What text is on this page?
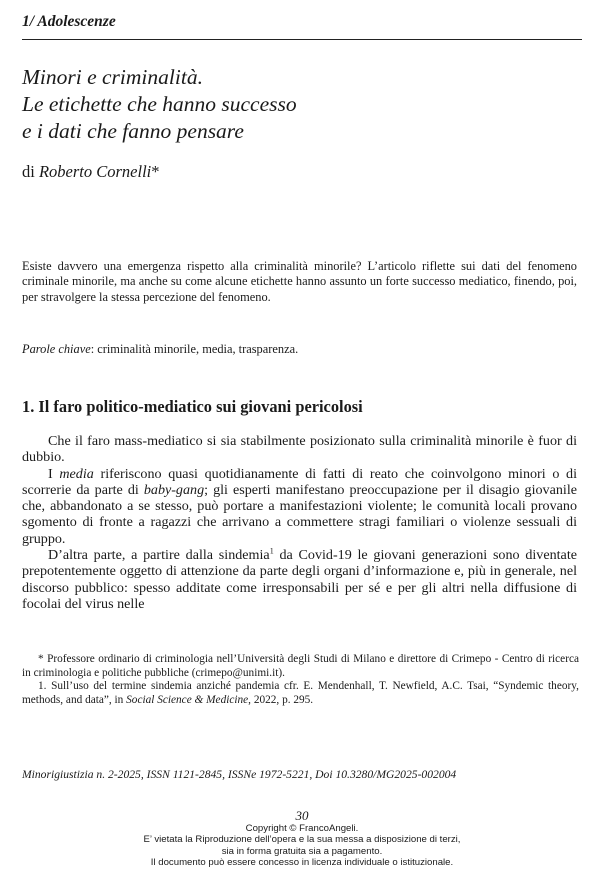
1/ Adolescenze
Minori e criminalità.
Le etichette che hanno successo
e i dati che fanno pensare
di Roberto Cornelli*
Esiste davvero una emergenza rispetto alla criminalità minorile? L’articolo riflette sui dati del fenomeno criminale minorile, ma anche su come alcune etichette hanno assunto un forte successo mediatico, finendo, poi, per stravolgere la stessa percezione del fenomeno.
Parole chiave: criminalità minorile, media, trasparenza.
1. Il faro politico-mediatico sui giovani pericolosi

Che il faro mass-mediatico si sia stabilmente posizionato sulla criminalità minorile è fuor di dubbio.

I media riferiscono quasi quotidianamente di fatti di reato che coinvolgono minori o di scorrerie da parte di baby-gang; gli esperti manifestano preoccupazione per il disagio giovanile che, abbandonato a se stesso, può portare a manifestazioni violente; le comunità locali provano sgomento di fronte a ragazzi che arrivano a commettere stragi familiari o violenze sessuali di gruppo.

D’altra parte, a partire dalla sindemia$^1$ da Covid-19 le giovani generazioni sono diventate prepotentemente oggetto di attenzione da parte degli organi d’informazione e, più in generale, nel discorso pubblico: spesso additate come irresponsabili per sé e per gli altri nella diffusione di focolai del virus nelle

* Professore ordinario di criminologia nell’Università degli Studi di Milano e direttore di Crimepo - Centro di ricerca in criminologia e politiche pubbliche (crimepo@unimi.it).

1. Sull’uso del termine sindemia anziché pandemia cfr. E. Mendenhall, T. Newfield, A.C. Tsai, “Syndemic theory, methods, and data”, in Social Science & Medicine, 2022, p. 295.

Minorigiustizia n. 2-2025, ISSN 1121-2845, ISSNe 1972-5221, Doi 10.3280/MG2025-002004
30
Copyright © FrancoAngeli.
E’ vietata la Riproduzione dell’opera e la sua messa a disposizione di terzi,
sia in forma gratuita sia a pagamento.
Il documento può essere concesso in licenza individuale o istituzionale.
